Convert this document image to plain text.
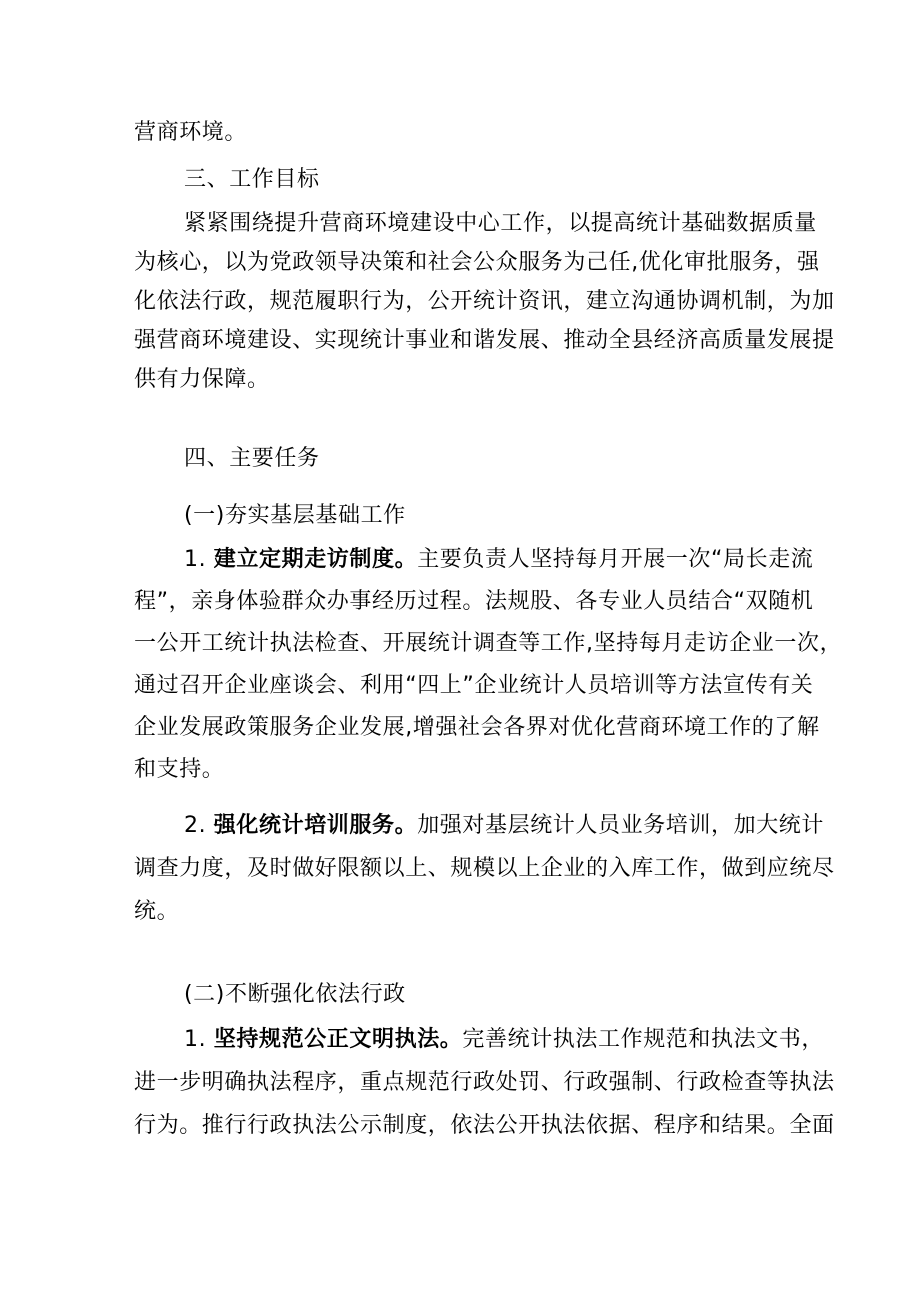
营商环境。
三、工作目标
紧紧围绕提升营商环境建设中心工作，以提高统计基础数据质量
为核心，以为党政领导决策和社会公众服务为己任,优化审批服务，强
化依法行政，规范履职行为，公开统计资讯，建立沟通协调机制，为加
强营商环境建设、实现统计事业和谐发展、推动全县经济高质量发展提
供有力保障。
四、主要任务
(一)夯实基层基础工作
1. 建立定期走访制度。主要负责人坚持每月开展一次“局长走流
程”，亲身体验群众办事经历过程。法规股、各专业人员结合“双随机
一公开工统计执法检查、开展统计调查等工作,坚持每月走访企业一次，
通过召开企业座谈会、利用“四上”企业统计人员培训等方法宣传有关
企业发展政策服务企业发展,增强社会各界对优化营商环境工作的了解
和支持。
2. 强化统计培训服务。加强对基层统计人员业务培训，加大统计
调查力度，及时做好限额以上、规模以上企业的入库工作，做到应统尽
统。
(二)不断强化依法行政
1. 坚持规范公正文明执法。完善统计执法工作规范和执法文书，
进一步明确执法程序，重点规范行政处罚、行政强制、行政检查等执法
行为。推行行政执法公示制度，依法公开执法依据、程序和结果。全面
